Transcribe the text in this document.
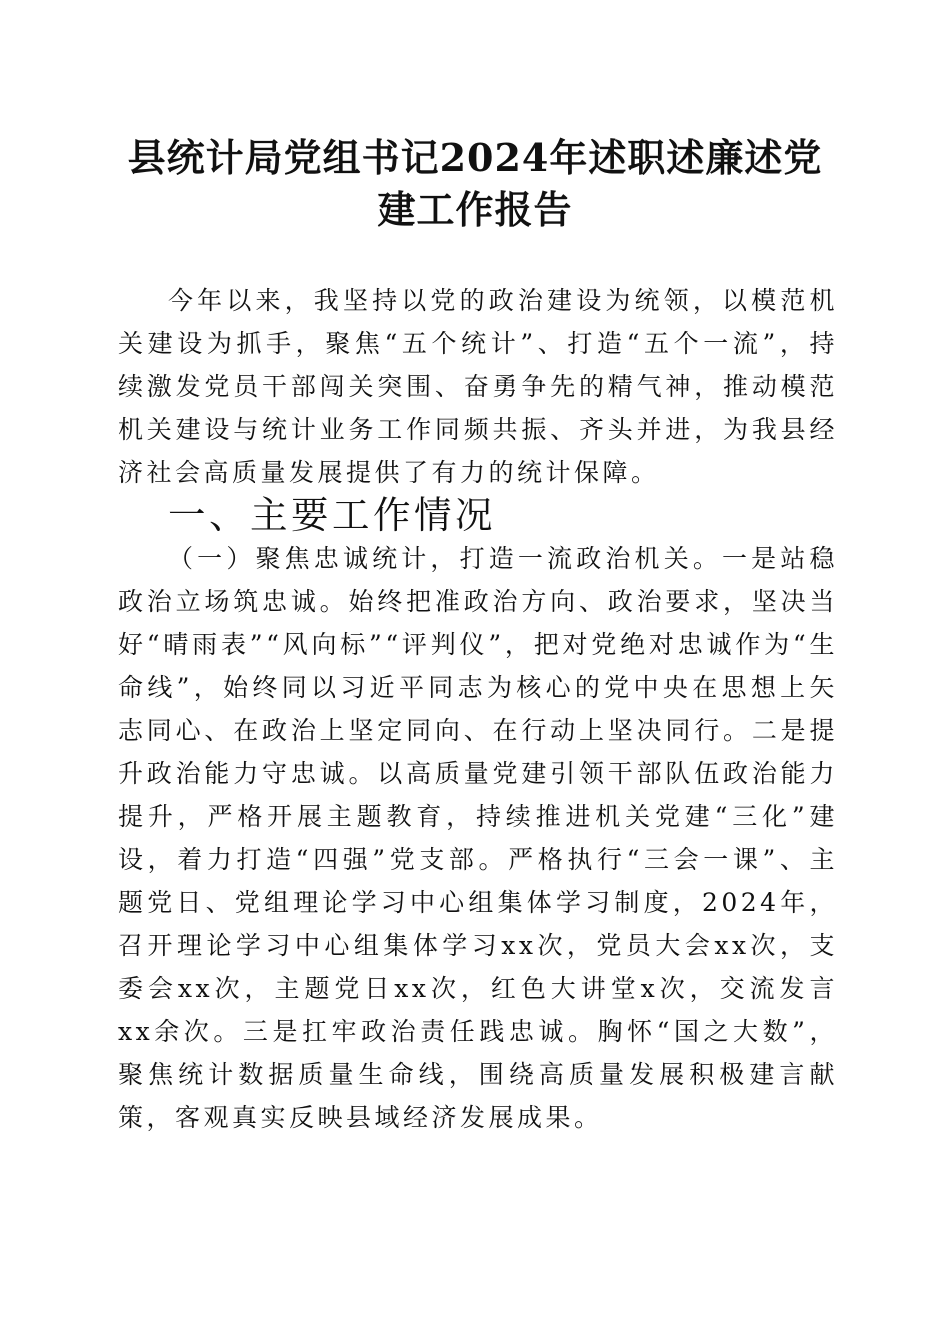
县统计局党组书记2024年述职述廉述党建工作报告

今年以来，我坚持以党的政治建设为统领，以模范机关建设为抓手，聚焦“五个统计”、打造“五个一流”，持续激发党员干部闯关突围、奋勇争先的精气神，推动模范机关建设与统计业务工作同频共振、齐头并进，为我县经济社会高质量发展提供了有力的统计保障。

一、主要工作情况

（一）聚焦忠诚统计，打造一流政治机关。一是站稳政治立场筑忠诚。始终把准政治方向、政治要求，坚决当好“晴雨表”“风向标”“评判仪”，把对党绝对忠诚作为“生命线”，始终同以习近平同志为核心的党中央在思想上矢志同心、在政治上坚定同向、在行动上坚决同行。二是提升政治能力守忠诚。以高质量党建引领干部队伍政治能力提升，严格开展主题教育，持续推进机关党建“三化”建设，着力打造“四强”党支部。严格执行“三会一课”、主题党日、党组理论学习中心组集体学习制度，2024年，召开理论学习中心组集体学习xx次，党员大会xx次，支委会xx次，主题党日xx次，红色大讲堂x次，交流发言xx余次。三是扛牢政治责任践忠诚。胸怀“国之大数”，聚焦统计数据质量生命线，围绕高质量发展积极建言献策，客观真实反映县域经济发展成果。
